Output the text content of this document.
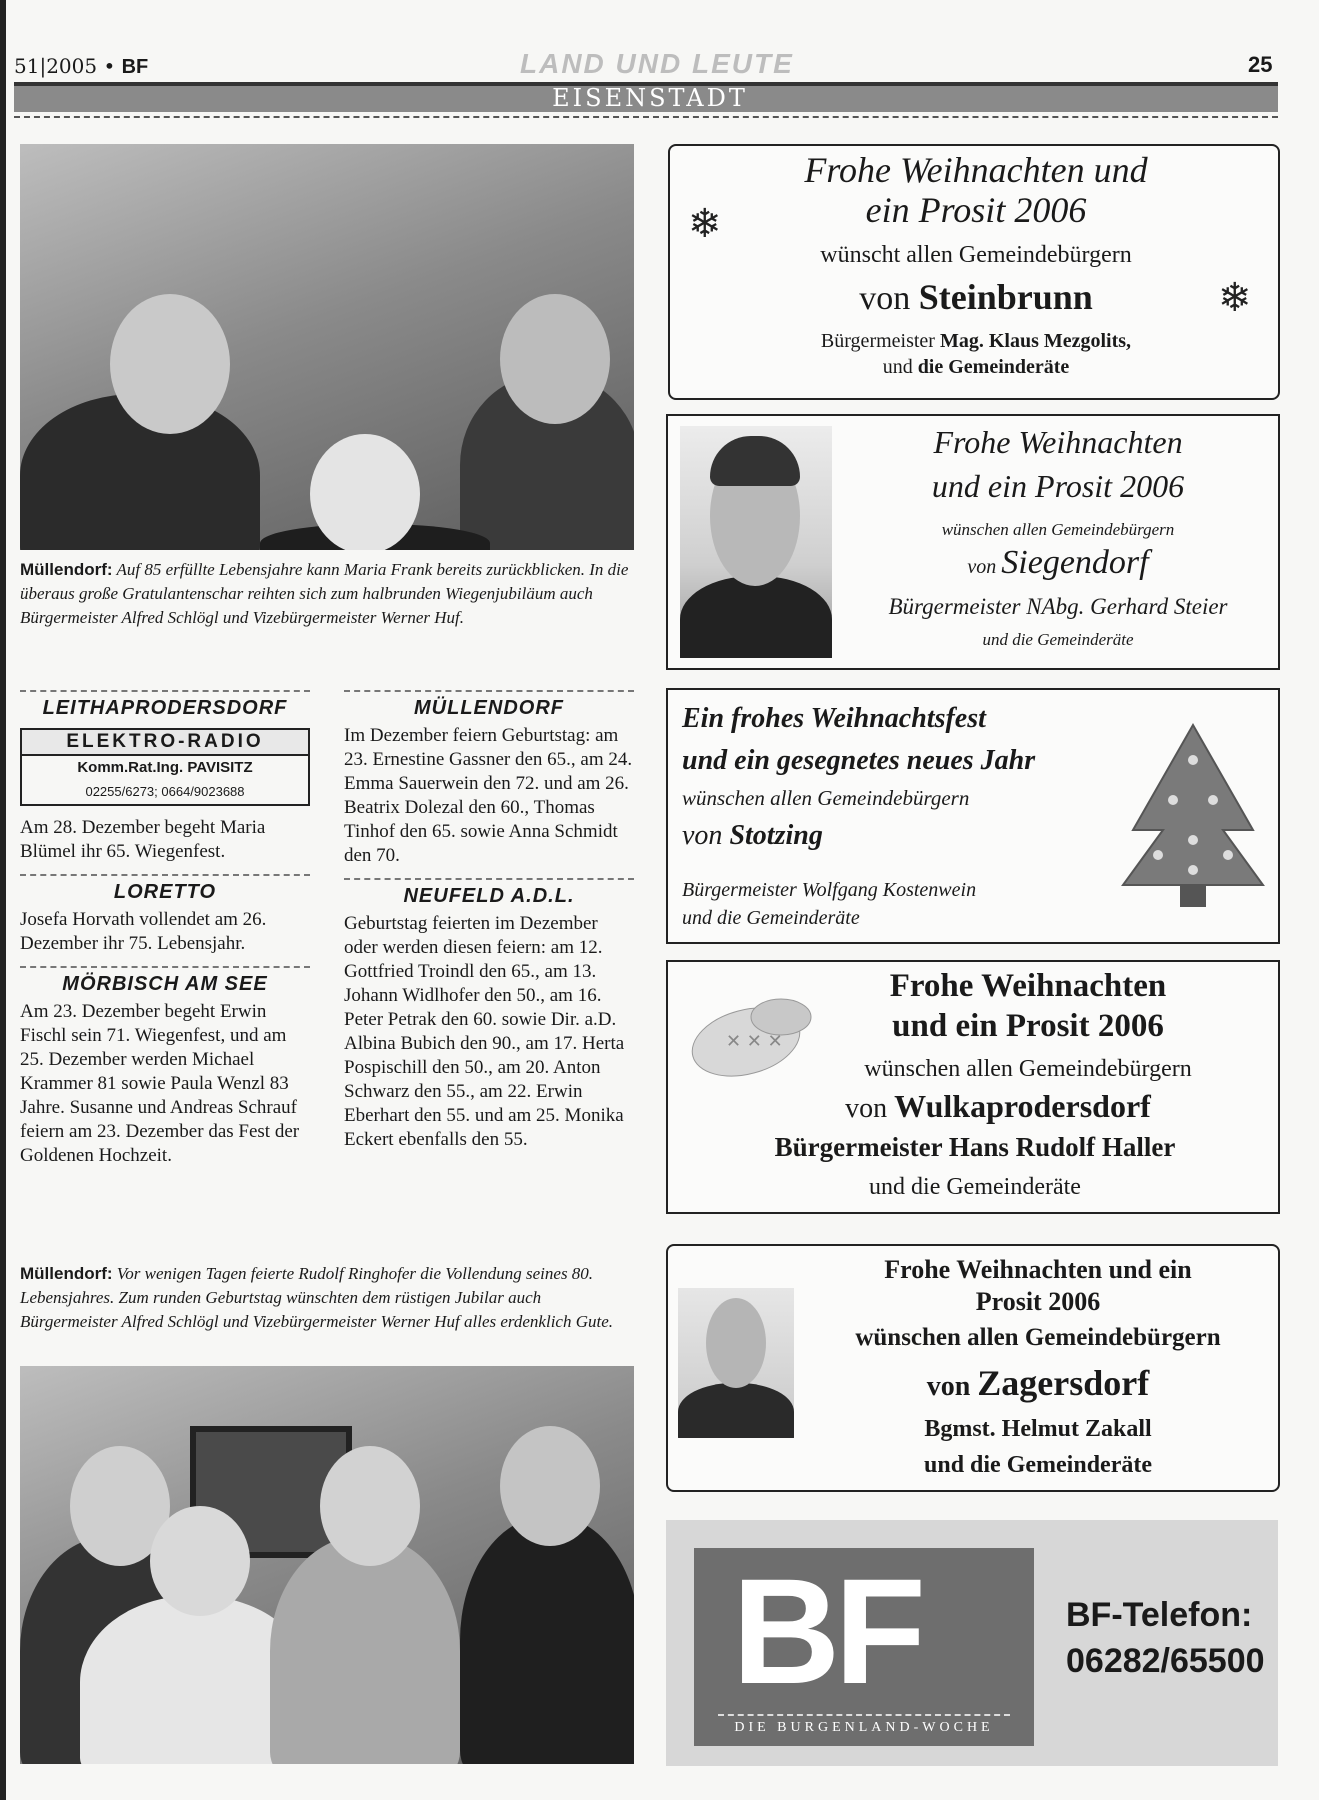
51|2005 • BF	LAND UND LEUTE	25
EISENSTADT
Müllendorf: Auf 85 erfüllte Lebensjahre kann Maria Frank bereits zurückblicken. In die überaus große Gratulantenschar reihten sich zum halbrunden Wiegenjubiläum auch Bürgermeister Alfred Schlögl und Vizebürgermeister Werner Huf.
LEITHAPRODERSDORF
ELEKTRO-RADIO
Komm.Rat.Ing. PAVISITZ
02255/6273; 0664/9023688

Am 28. Dezember begeht Maria Blümel ihr 65. Wiegenfest.

LORETTO

Josefa Horvath vollendet am 26. Dezember ihr 75. Lebensjahr.

MÖRBISCH AM SEE

Am 23. Dezember begeht Erwin Fischl sein 71. Wiegenfest, und am 25. Dezember werden Michael Krammer 81 sowie Paula Wenzl 83 Jahre. Susanne und Andreas Schrauf feiern am 23. Dezember das Fest der Goldenen Hochzeit.

MÜLLENDORF

Im Dezember feiern Geburtstag: am 23. Ernestine Gassner den 65., am 24. Emma Sauerwein den 72. und am 26. Beatrix Dolezal den 60., Thomas Tinhof den 65. sowie Anna Schmidt den 70.

NEUFELD A.D.L.

Geburtstag feierten im Dezember oder werden diesen feiern: am 12. Gottfried Troindl den 65., am 13. Johann Widlhofer den 50., am 16. Peter Petrak den 60. sowie Dir. a.D. Albina Bubich den 90., am 17. Herta Pospischill den 50., am 20. Anton Schwarz den 55., am 22. Erwin Eberhart den 55. und am 25. Monika Eckert ebenfalls den 55.

Müllendorf: Vor wenigen Tagen feierte Rudolf Ringhofer die Vollendung seines 80. Lebensjahres. Zum runden Geburtstag wünschten dem rüstigen Jubilar auch Bürgermeister Alfred Schlögl und Vizebürgermeister Werner Huf alles erdenklich Gute.
❄
❄
Frohe Weihnachten und
ein Prosit 2006
wünscht allen Gemeindebürgern
von Steinbrunn
Bürgermeister Mag. Klaus Mezgolits,
und die Gemeinderäte
Frohe Weihnachten
und ein Prosit 2006
wünschen allen Gemeindebürgern
von Siegendorf
Bürgermeister NAbg. Gerhard Steier
und die Gemeinderäte
Ein frohes Weihnachtsfest
und ein gesegnetes neues Jahr
wünschen allen Gemeindebürgern
von Stotzing
Bürgermeister Wolfgang Kostenwein
und die Gemeinderäte
✕ ✕ ✕
Frohe Weihnachten
und ein Prosit 2006
wünschen allen Gemeindebürgern
von Wulkaprodersdorf
Bürgermeister Hans Rudolf Haller
und die Gemeinderäte
Frohe Weihnachten und ein
Prosit 2006
wünschen allen Gemeindebürgern
von Zagersdorf
Bgmst. Helmut Zakall
und die Gemeinderäte
BF
DIE BURGENLAND-WOCHE
BF-Telefon:
06282/65500
